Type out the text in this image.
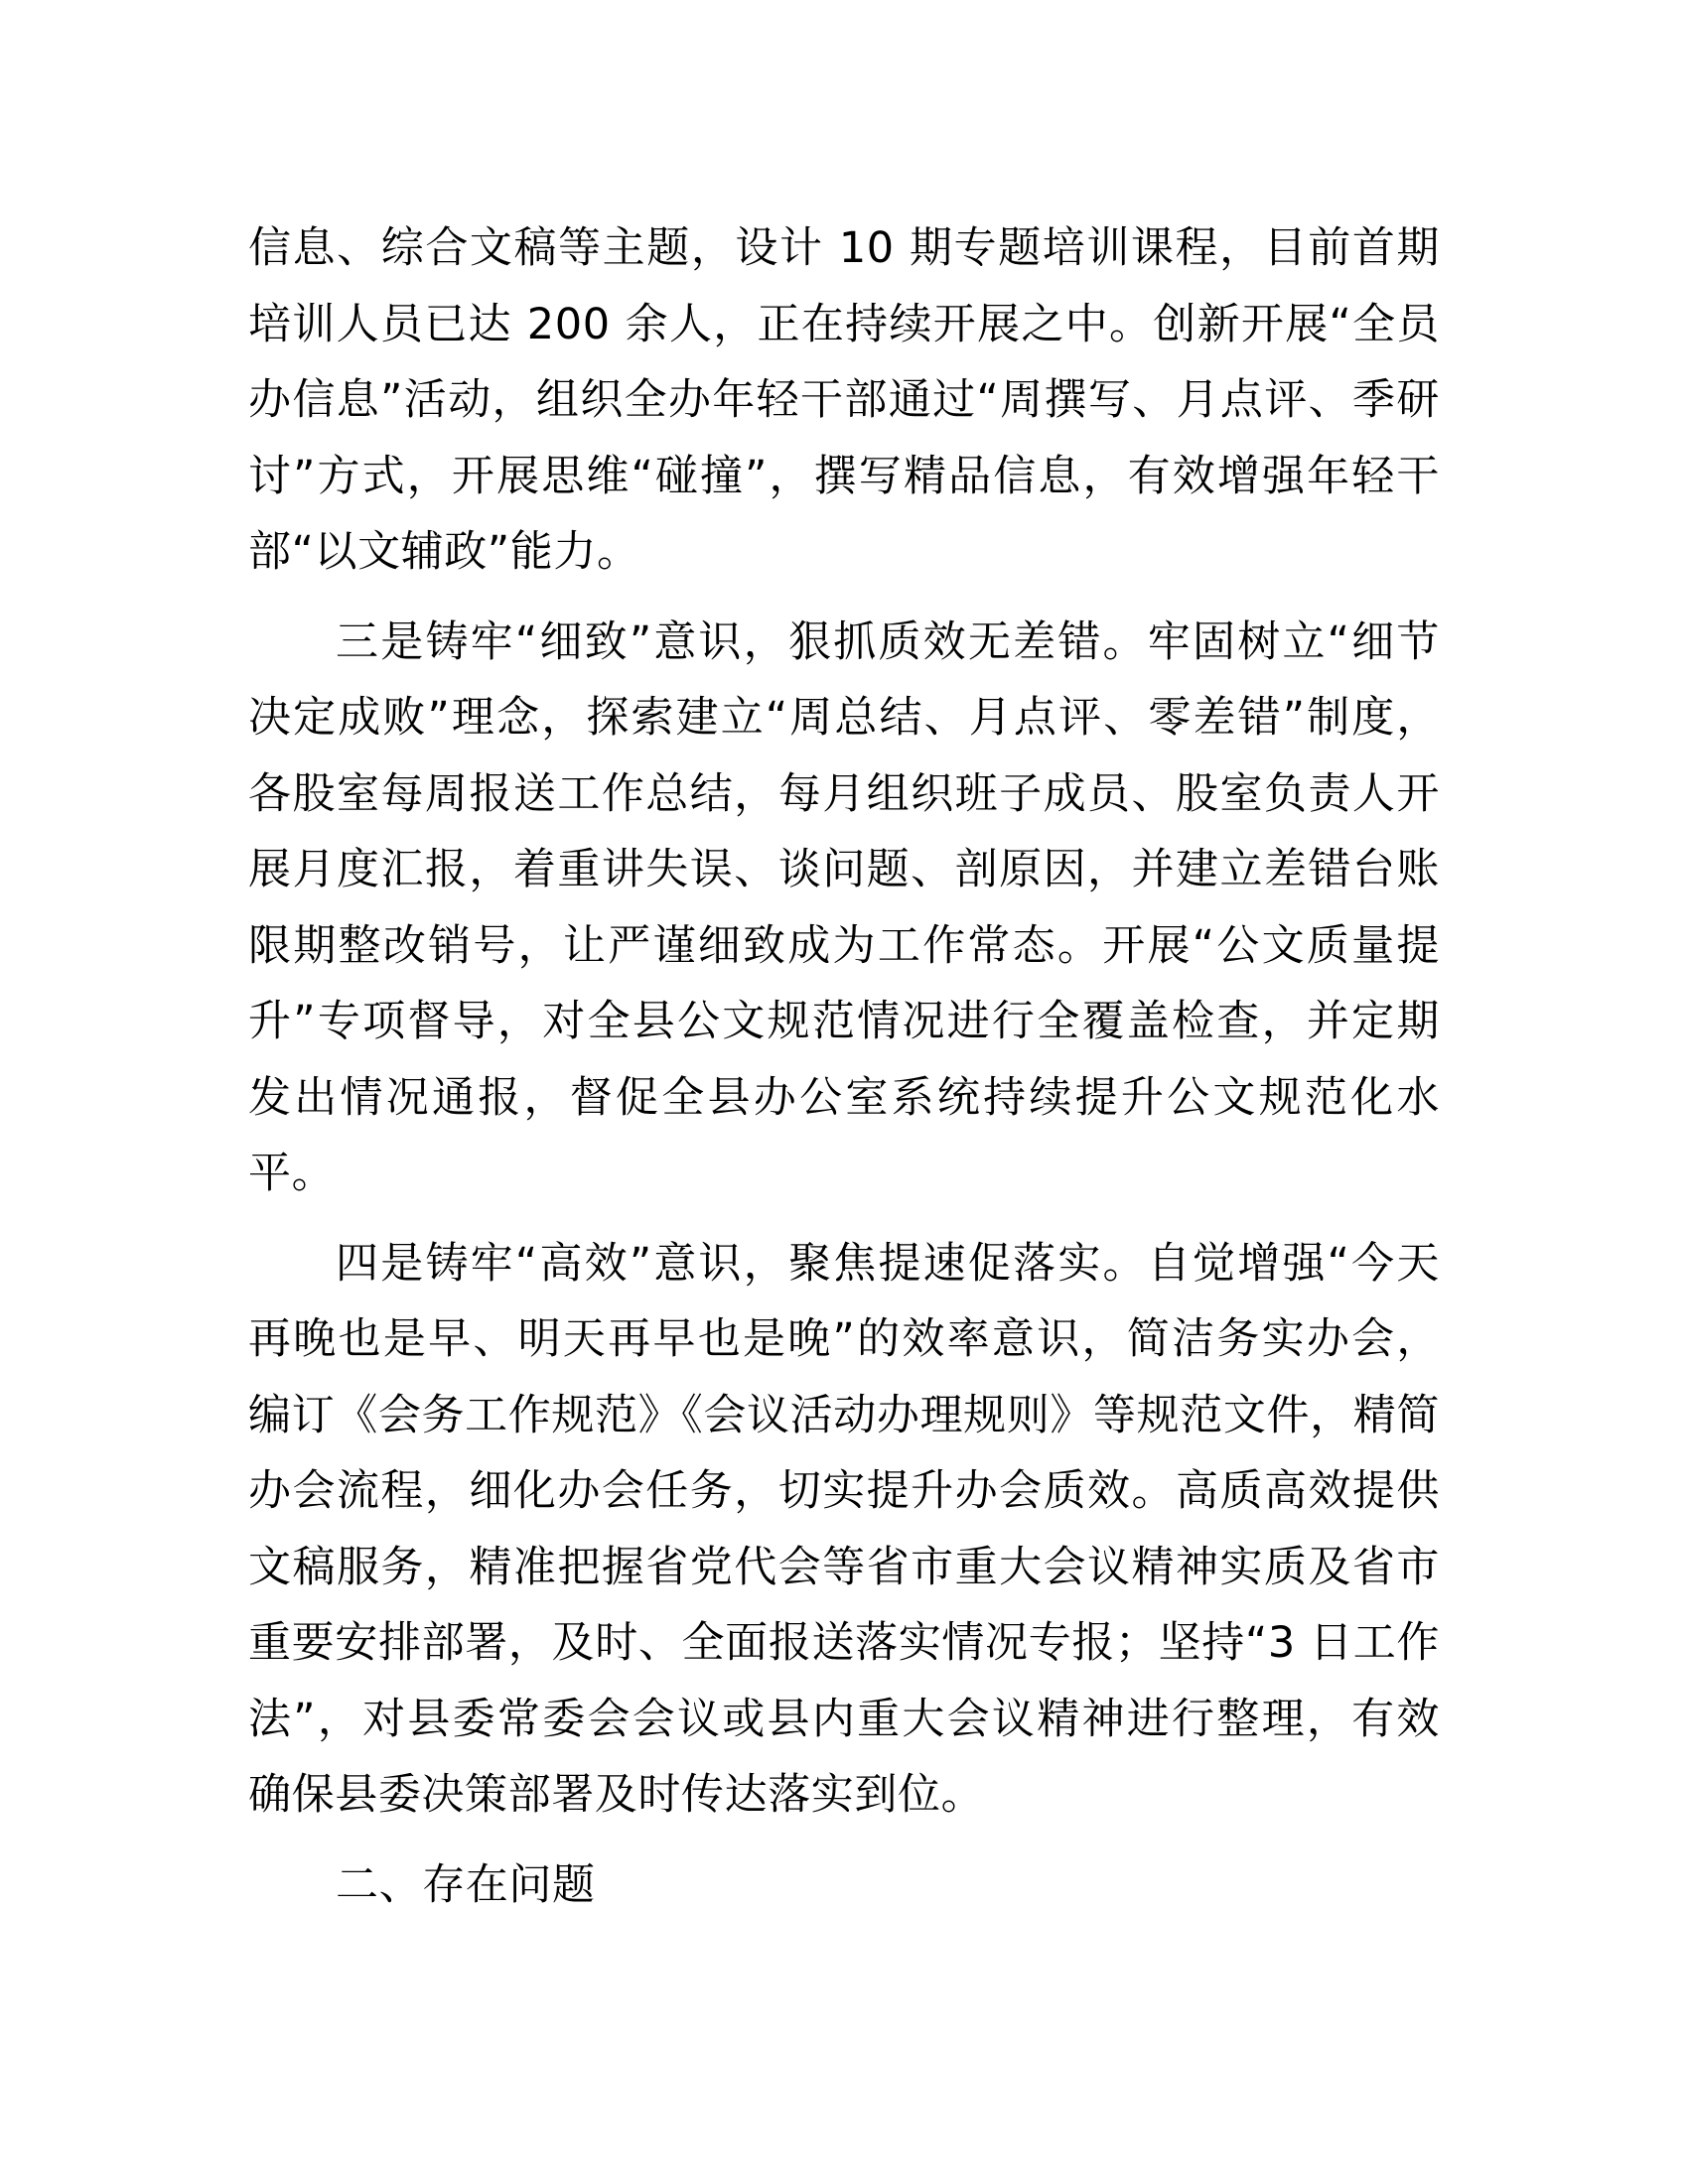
信息、综合文稿等主题，设计 10 期专题培训课程，目前首期培训人员已达 200 余人，正在持续开展之中。创新开展“全员办信息”活动，组织全办年轻干部通过“周撰写、月点评、季研讨”方式，开展思维“碰撞”，撰写精品信息，有效增强年轻干部“以文辅政”能力。

三是铸牢“细致”意识，狠抓质效无差错。牢固树立“细节决定成败”理念，探索建立“周总结、月点评、零差错”制度，各股室每周报送工作总结，每月组织班子成员、股室负责人开展月度汇报，着重讲失误、谈问题、剖原因，并建立差错台账限期整改销号，让严谨细致成为工作常态。开展“公文质量提升”专项督导，对全县公文规范情况进行全覆盖检查，并定期发出情况通报，督促全县办公室系统持续提升公文规范化水平。

四是铸牢“高效”意识，聚焦提速促落实。自觉增强“今天再晚也是早、明天再早也是晚”的效率意识，简洁务实办会，编订《会务工作规范》《会议活动办理规则》等规范文件，精简办会流程，细化办会任务，切实提升办会质效。高质高效提供文稿服务，精准把握省党代会等省市重大会议精神实质及省市重要安排部署，及时、全面报送落实情况专报；坚持“3 日工作法”，对县委常委会会议或县内重大会议精神进行整理，有效确保县委决策部署及时传达落实到位。

二、存在问题
